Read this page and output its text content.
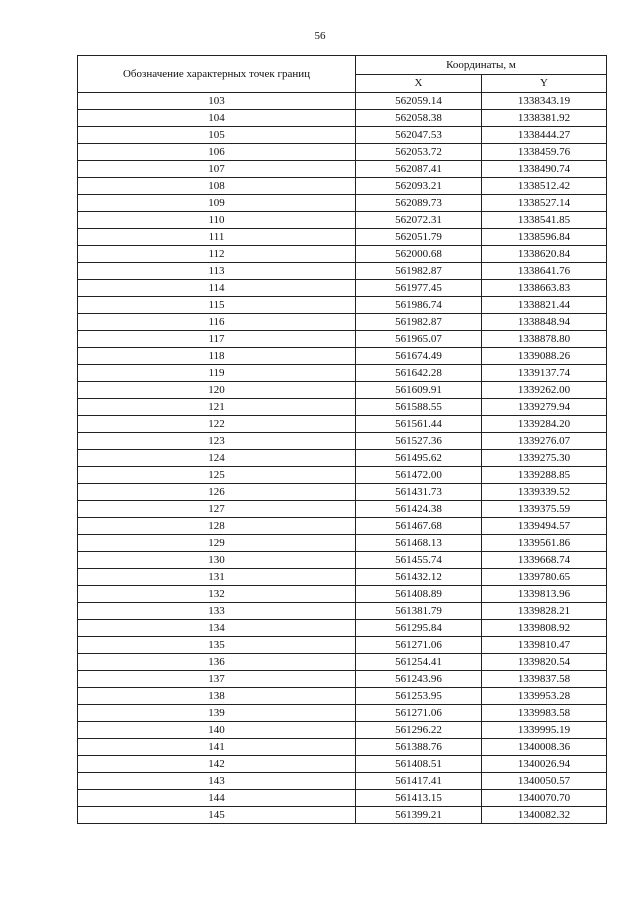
56
Обозначение характерных точек границ	Координаты, м	
	X	Y
103	562059.14	1338343.19
104	562058.38	1338381.92
105	562047.53	1338444.27
106	562053.72	1338459.76
107	562087.41	1338490.74
108	562093.21	1338512.42
109	562089.73	1338527.14
110	562072.31	1338541.85
111	562051.79	1338596.84
112	562000.68	1338620.84
113	561982.87	1338641.76
114	561977.45	1338663.83
115	561986.74	1338821.44
116	561982.87	1338848.94
117	561965.07	1338878.80
118	561674.49	1339088.26
119	561642.28	1339137.74
120	561609.91	1339262.00
121	561588.55	1339279.94
122	561561.44	1339284.20
123	561527.36	1339276.07
124	561495.62	1339275.30
125	561472.00	1339288.85
126	561431.73	1339339.52
127	561424.38	1339375.59
128	561467.68	1339494.57
129	561468.13	1339561.86
130	561455.74	1339668.74
131	561432.12	1339780.65
132	561408.89	1339813.96
133	561381.79	1339828.21
134	561295.84	1339808.92
135	561271.06	1339810.47
136	561254.41	1339820.54
137	561243.96	1339837.58
138	561253.95	1339953.28
139	561271.06	1339983.58
140	561296.22	1339995.19
141	561388.76	1340008.36
142	561408.51	1340026.94
143	561417.41	1340050.57
144	561413.15	1340070.70
145	561399.21	1340082.32
